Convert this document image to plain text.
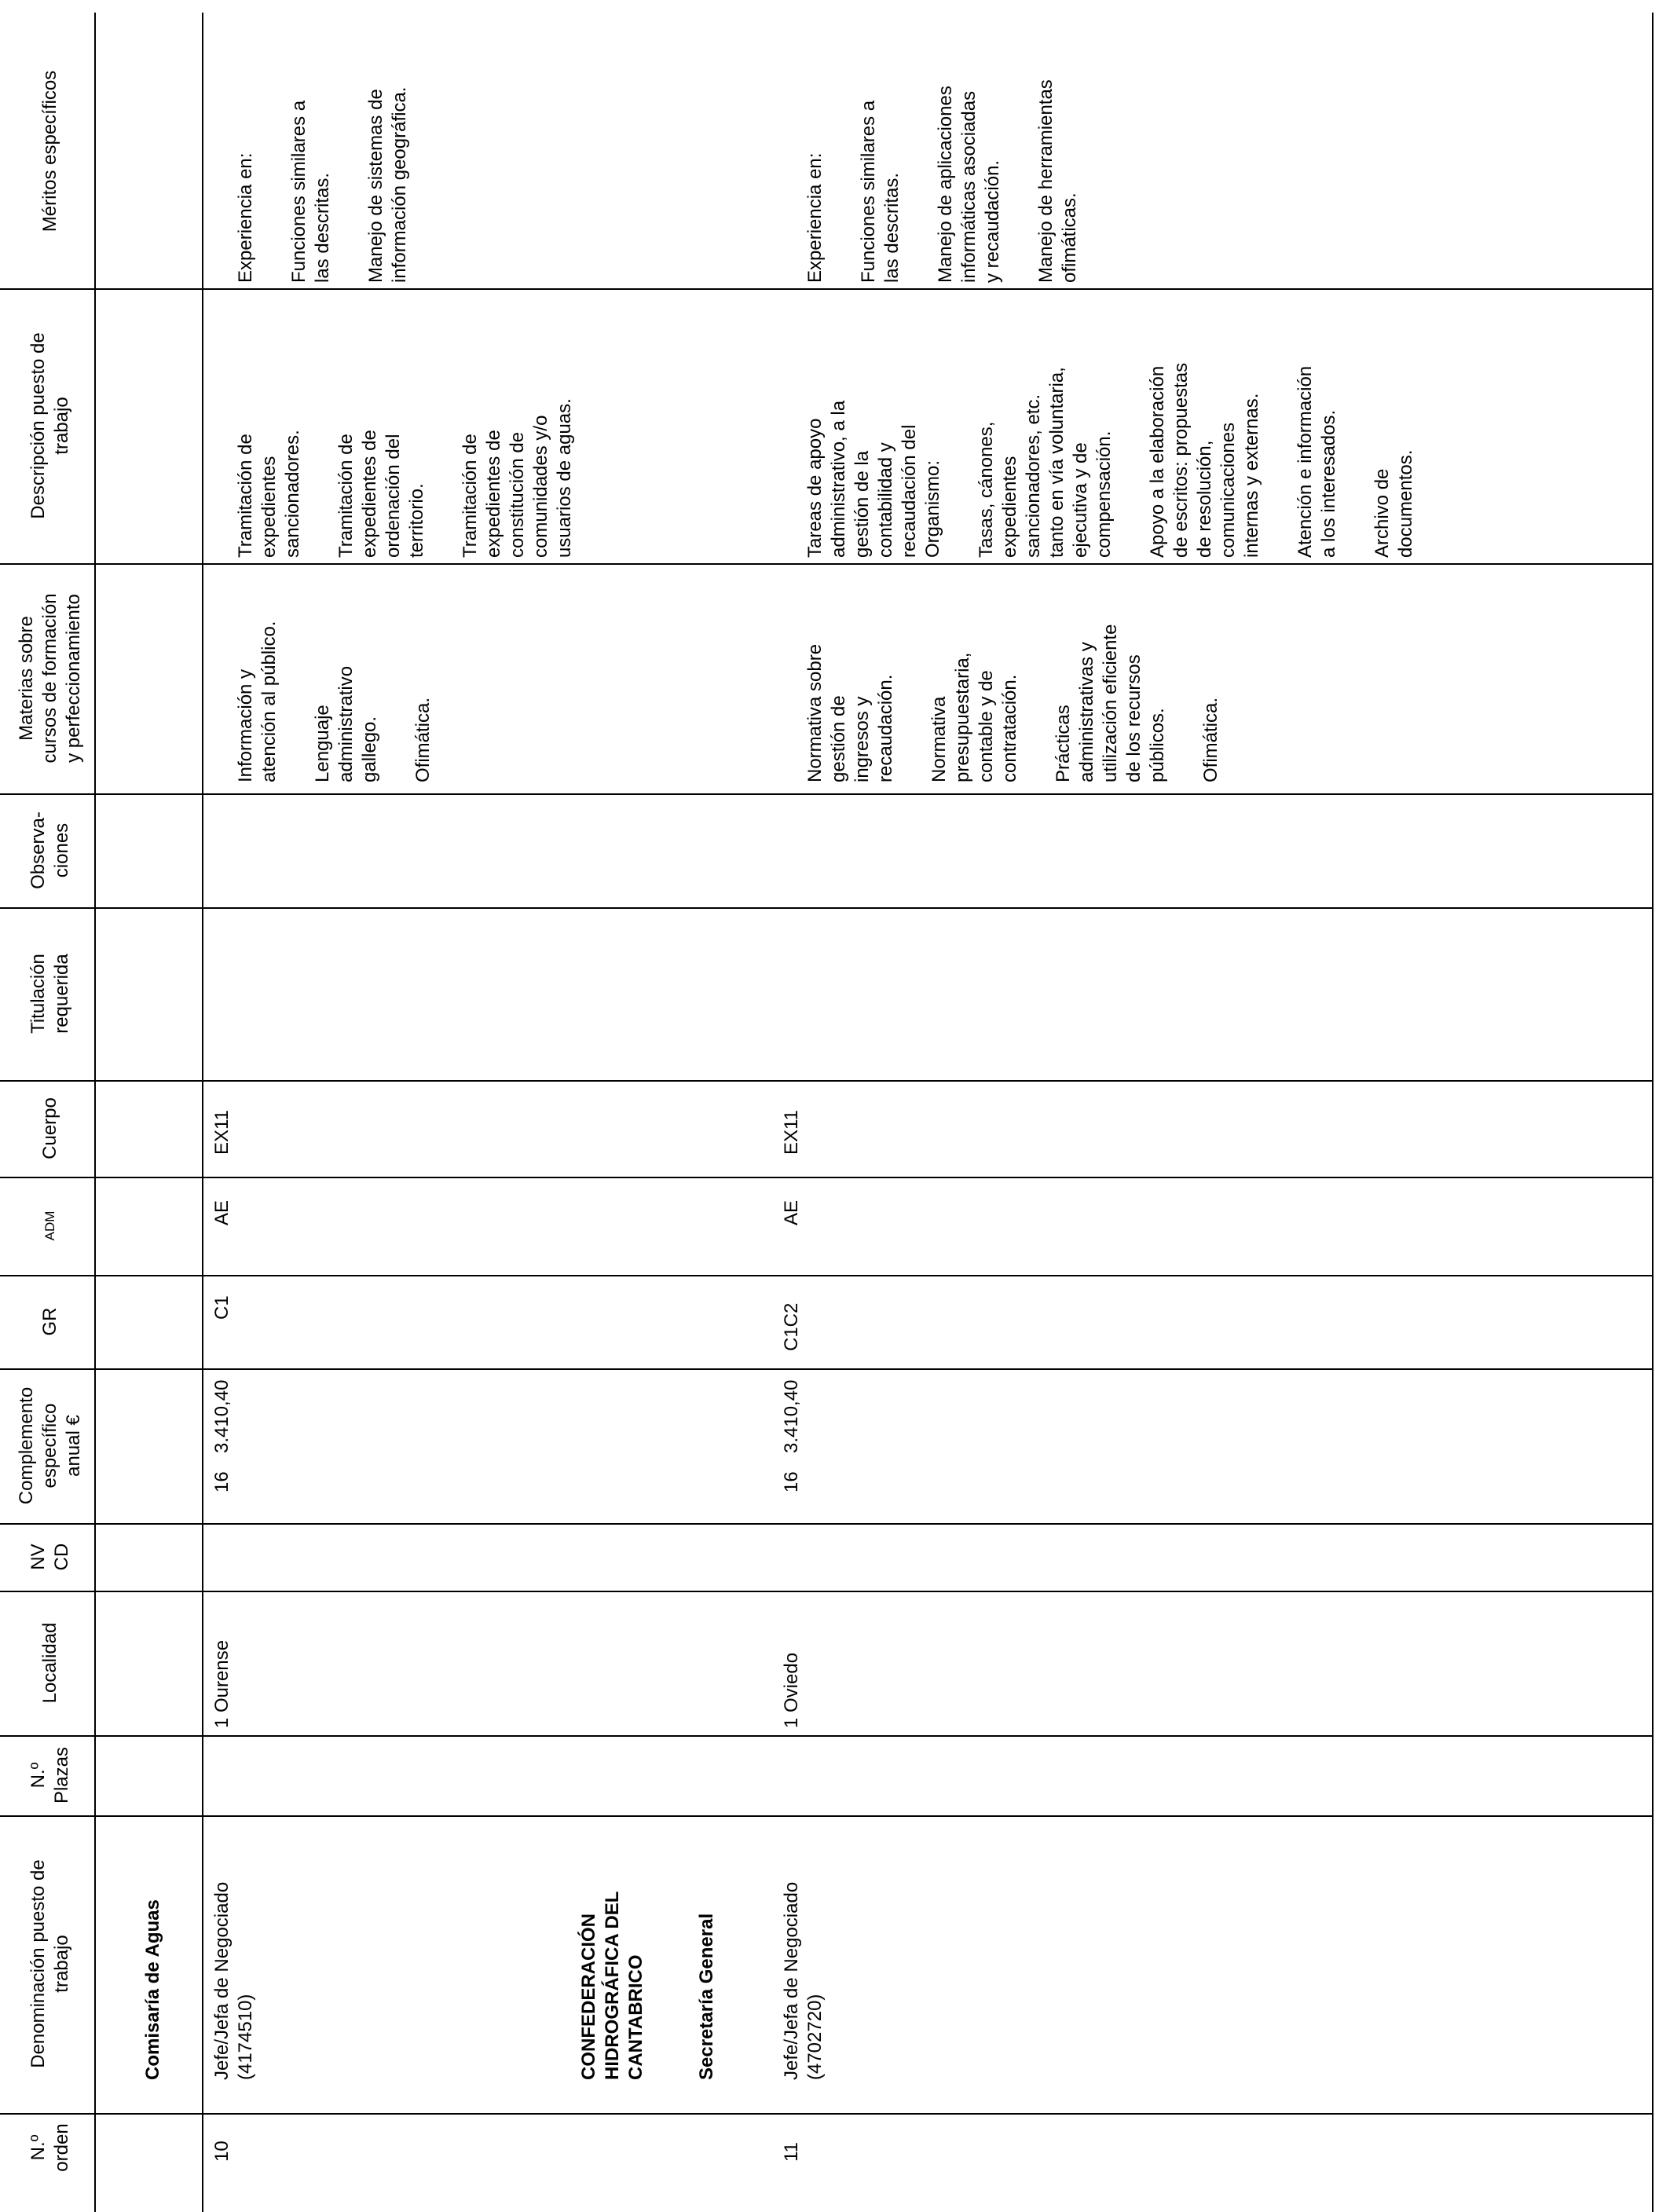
N.º
orden
Denominación puesto de
trabajo
N.º
Plazas
Localidad
NV
CD
Complemento
específico
anual €
GR
ADM
Cuerpo
Titulación
requerida
Observa-
ciones
Materias sobre
cursos de formación
y perfeccionamiento
Descripción puesto de
trabajo
Méritos específicos
Comisaría de Aguas	CONFEDERACIÓN
HIDROGRÁFICA DEL
CANTABRICO	Secretaría General
10
Jefe/Jefa de Negociado
(4174510)
1
Ourense
16
3.410,40
C1
AE
EX11

Información y
atención al público.

Lenguaje
administrativo
gallego. Ofimática.

Tramitación de
expedientes
sancionadores. Tramitación de
expedientes de
ordenación del
territorio. Tramitación de
expedientes de
constitución de
comunidades y/o
usuarios de aguas.

Experiencia en: Funciones similares a
las descritas. Manejo de sistemas de
información geográfica.

11
Jefe/Jefa de Negociado
(4702720)
1
Oviedo
16
3.410,40
C1C2
AE
EX11

Normativa sobre
gestión de
ingresos y
recaudación. Normativa
presupuestaria,
contable y de
contratación. Prácticas
administrativas y
utilización eficiente
de los recursos
públicos. Ofimática.

Tareas de apoyo
administrativo, a la
gestión de la
contabilidad y
recaudación del
Organismo: Tasas, cánones,
expedientes
sancionadores, etc.
tanto en vía voluntaria,
ejecutiva y de
compensación. Apoyo a la elaboración
de escritos: propuestas
de resolución,
comunicaciones
internas y externas.

Atención e información
a los interesados.

Archivo de
documentos.

Experiencia en: Funciones similares a
las descritas. Manejo de aplicaciones
informáticas asociadas
y recaudación. Manejo de herramientas
ofimáticas.
